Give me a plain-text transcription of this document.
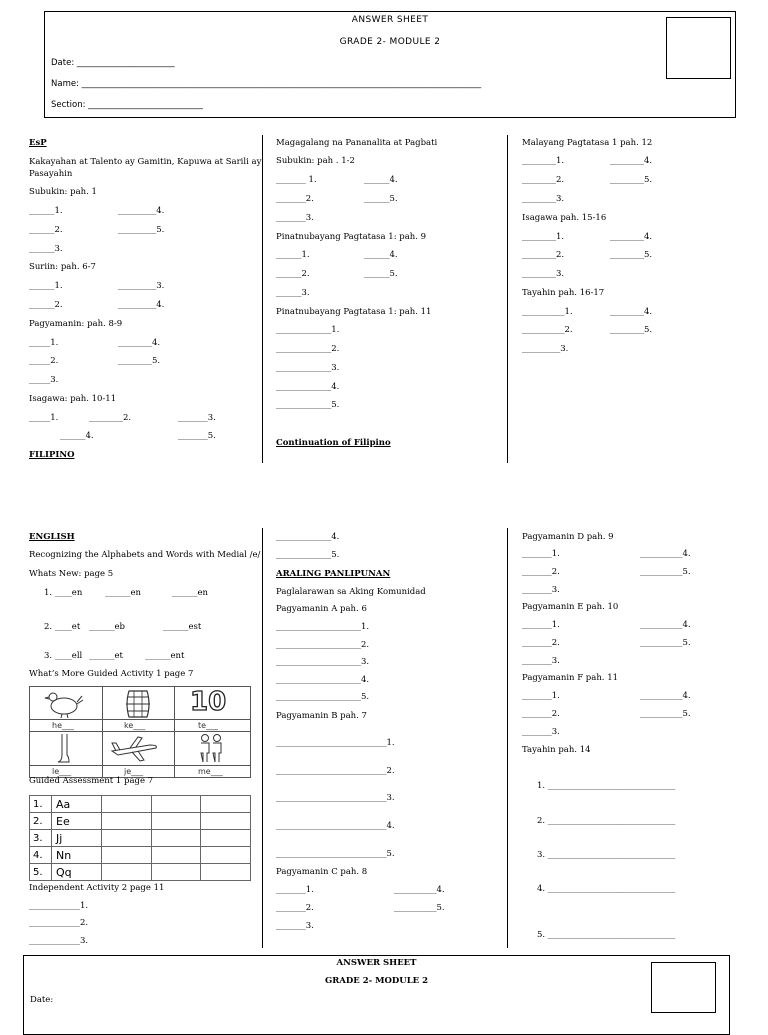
ANSWER SHEET
GRADE 2- MODULE 2
Date: _______________________
Name: ______________________________________________________________________________________________
Section: ___________________________
EsP
Kakayahan at Talento ay Gamitin, Kapuwa at Sarili ay
Pasayahin
Subukin: pah. 1
______1.	_________4.
______2.	_________5.
______3.
Suriin: pah. 6-7
______1.	_________3.
______2.	_________4.
Pagyamanin: pah. 8-9
_____1.	________4.
_____2.	________5.
_____3.
Isagawa: pah. 10-11
_____1.	________2.	_______3.
______4.	_______5.
FILIPINO
Magagalang na Pananalita at Pagbati
Subukin: pah . 1-2
_______ 1.	______4.
_______2.	______5.
_______3.
Pinatnubayang Pagtatasa 1: pah. 9
______1.	______4.
______2.	______5.
______3.
Pinatnubayang Pagtatasa 1: pah. 11
_____________1.
_____________2.
_____________3.
_____________4.
_____________5.
Continuation of Filipino
Malayang Pagtatasa 1 pah. 12
________1.	________4.
________2.	________5.
________3.
Isagawa pah. 15-16
________1.	________4.
________2.	________5.
________3.
Tayahin pah. 16-17
__________1.	________4.
__________2.	________5.
_________3.
ENGLISH
Recognizing the Alphabets and Words with Medial /e/
Whats New: page 5
1. ____en	______en	______en
2. ____et ______eb	______est
3. ____ell ______et	______ent
What’s More Guided Activity 1 page 7
10
he___	ke___	te___
le___	je___	me___
Guided Assessment 1 page 7
1.	Aa			
2.	Ee			
3.	Jj			
4.	Nn			
5.	Qq			
Independent Activity 2 page 11
____________1.
____________2.
____________3.
_____________4.
_____________5.
ARALING PANLIPUNAN
Paglalarawan sa Aking Komunidad
Pagyamanin A pah. 6
____________________1.
____________________2.
____________________3.
____________________4.
____________________5.
Pagyamanin B pah. 7
__________________________1.
__________________________2.
__________________________3.
__________________________4.
__________________________5.
Pagyamanin C pah. 8
_______1.	__________4.
_______2.	__________5.
_______3.
Pagyamanin D pah. 9
_______1.	__________4.
_______2.	__________5.
_______3.
Pagyamanin E pah. 10
_______1.	__________4.
_______2.	__________5.
_______3.
Pagyamanin F pah. 11
_______1.	__________4.
_______2.	__________5.
_______3.
Tayahin pah. 14
1. ______________________________
2. ______________________________
3. ______________________________
4. ______________________________
5. ______________________________
ANSWER SHEET
GRADE 2- MODULE 2
Date:
